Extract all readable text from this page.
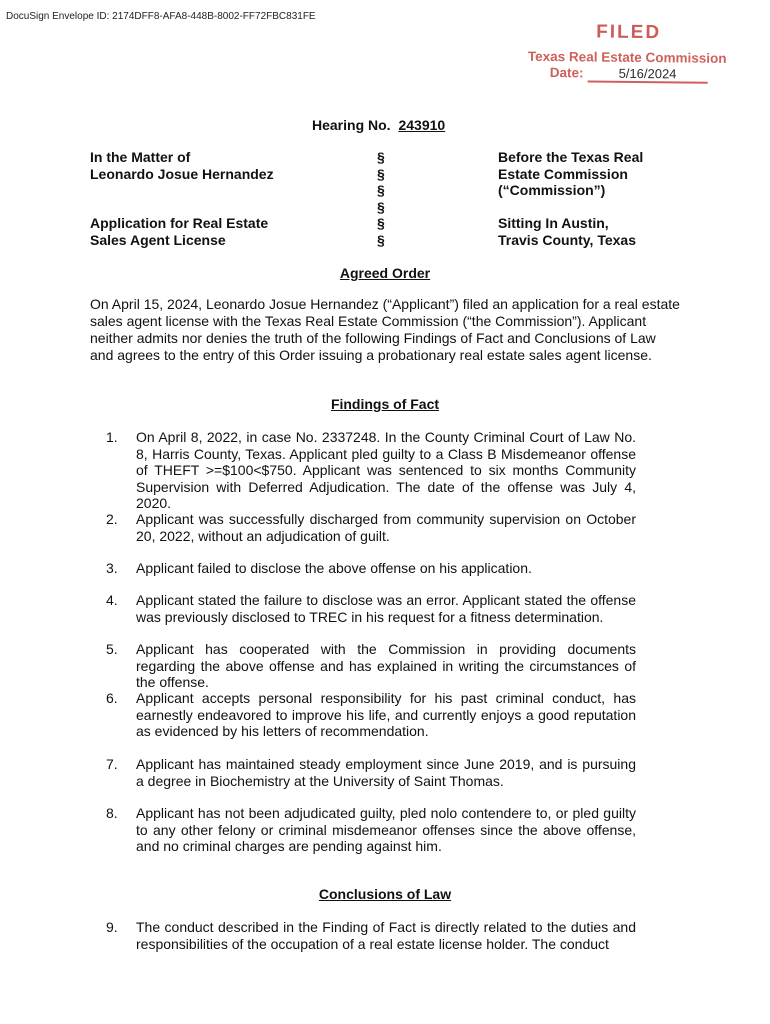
DocuSign Envelope ID: 2174DFF8-AFA8-448B-8002-FF72FBC831FE
FILED
Texas Real Estate Commission
Date:	5/16/2024
Hearing No. 243910
In the Matter of
Leonardo Josue Hernandez
Application for Real Estate
Sales Agent License
§
§
§
§
§
§
Before the Texas Real
Estate Commission
(“Commission”)
Sitting In Austin,
Travis County, Texas
Agreed Order
On April 15, 2024, Leonardo Josue Hernandez (“Applicant”) filed an application for a real estate sales agent license with the Texas Real Estate Commission (“the Commission”). Applicant neither admits nor denies the truth of the following Findings of Fact and Conclusions of Law and agrees to the entry of this Order issuing a probationary real estate sales agent license.
Findings of Fact
1. On April 8, 2022, in case No. 2337248. In the County Criminal Court of Law No. 8, Harris County, Texas. Applicant pled guilty to a Class B Misdemeanor offense of THEFT >=$100<$750. Applicant was sentenced to six months Community Supervision with Deferred Adjudication. The date of the offense was July 4, 2020.
2. Applicant was successfully discharged from community supervision on October 20, 2022, without an adjudication of guilt.
3. Applicant failed to disclose the above offense on his application.
4. Applicant stated the failure to disclose was an error. Applicant stated the offense was previously disclosed to TREC in his request for a fitness determination.
5. Applicant has cooperated with the Commission in providing documents regarding the above offense and has explained in writing the circumstances of the offense.
6. Applicant accepts personal responsibility for his past criminal conduct, has earnestly endeavored to improve his life, and currently enjoys a good reputation as evidenced by his letters of recommendation.
7. Applicant has maintained steady employment since June 2019, and is pursuing a degree in Biochemistry at the University of Saint Thomas.
8. Applicant has not been adjudicated guilty, pled nolo contendere to, or pled guilty to any other felony or criminal misdemeanor offenses since the above offense, and no criminal charges are pending against him.
Conclusions of Law
9. The conduct described in the Finding of Fact is directly related to the duties and responsibilities of the occupation of a real estate license holder. The conduct
